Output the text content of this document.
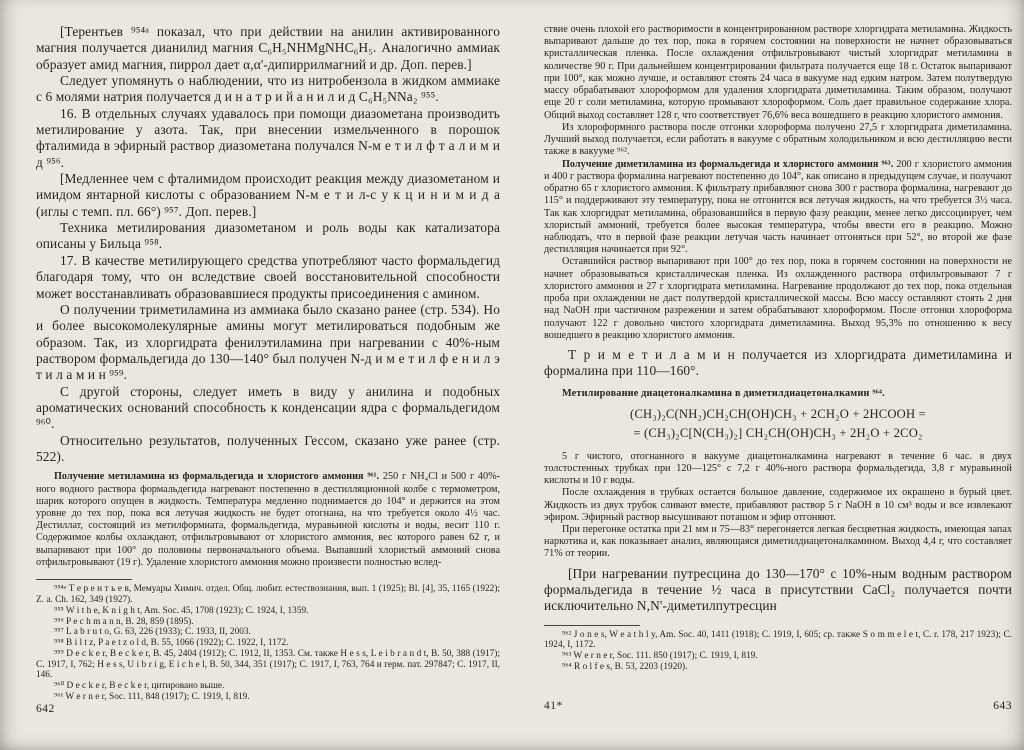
[Терентьев ⁹⁵⁴ᵃ показал, что при действии на анилин активированного магния получается дианилид магния C₆H₅NHMgNHC₆H₅. Аналогично аммиак образует амид магния, пиррол дает α,α'-дипиррилмагний и др. Доп. перев.]

Следует упомянуть о наблюдении, что из нитробензола в жидком аммиаке с 6 молями натрия получается д и н а т р и й а н и л и д C₆H₅NNa₂ ⁹⁵⁵.

16. В отдельных случаях удавалось при помощи диазометана производить метилирование у азота. Так, при внесении измельченного в порошок фталимида в эфирный раствор диазометана получался N-м е т и л ф т а л и м и д ⁹⁵⁶.

[Медленнее чем с фталимидом происходит реакция между диазометаном и имидом янтарной кислоты с образованием N-м е т и л-с у к ц и н и м и д а (иглы с темп. пл. 66°) ⁹⁵⁷. Доп. перев.]

Техника метилирования диазометаном и роль воды как катализатора описаны у Бильца ⁹⁵⁸.

17. В качестве метилирующего средства употребляют часто формальдегид благодаря тому, что он вследствие своей восстановительной способности может восстанавливать образовавшиеся продукты присоединения с амином.

О получении триметиламина из аммиака было сказано ранее (стр. 534). Но и более высокомолекулярные амины могут метилироваться подобным же образом. Так, из хлоргидрата фенилэтиламина при нагревании с 40%-ным раствором формальдегида до 130—140° был получен N-д и м е т и л ф е н и л э т и л а м и н ⁹⁵⁹.

С другой стороны, следует иметь в виду у анилина и подобных ароматических оснований способность к конденсации ядра с формальдегидом ⁹⁶⁰.

Относительно результатов, полученных Гессом, сказано уже ранее (стр. 522).

Получение метиламина из формальдегида и хлористого аммония ⁹⁶¹. 250 г NH₄Cl и 500 г 40%-ного водного раствора формальдегида нагревают постепенно в дестилляционной колбе с термометром, шарик которого опущен в жидкость. Температура медленно поднимается до 104° и держится на этом уровне до тех пор, пока вся летучая жидкость не будет отогнана, на что требуется около 4½ час. Дестиллат, состоящий из метилформиата, формальдегида, муравьиной кислоты и воды, весит 110 г. Содержимое колбы охлаждают, отфильтровывают от хлористого аммония, вес которого равен 62 г, и выпаривают при 100° до половины первоначального объема. Выпавший хлористый аммоний снова отфильтровывают (19 г). Удаление хлористого аммония можно произвести полностью вслед-

⁹⁵⁴ᵃ Т е р е н т ь е в, Мемуары Химич. отдел. Общ. любит. естествознания, вып. 1 (1925); Bl. [4], 35, 1165 (1922); Z. a. Ch. 162, 349 (1927).

⁹⁵⁵ W i t h e, K n i g h t, Am. Soc. 45, 1708 (1923); C. 1924, I, 1359.

⁹⁵⁶ P e c h m a n n, B. 28, 859 (1895).

⁹⁵⁷ L a b r u t o, G. 63, 226 (1933); C. 1933, II, 2003.

⁹⁵⁸ B i l t z, P a e t z o l d, B. 55, 1066 (1922); C. 1922, I, 1172.

⁹⁵⁹ D e c k e r, B e c k e r, B. 45, 2404 (1912); C. 1912, II, 1353. См. также H e s s, L e i b r a n d t, B. 50, 388 (1917); C. 1917, I, 762; H e s s, U i b r i g, E i c h e l, B. 50, 344, 351 (1917); C. 1917, I, 763, 764 и герм. пат. 297847; C. 1917, II, 146.

⁹⁶⁰ D e c k e r, B e c k e r, цитировано выше.

⁹⁶¹ W e r n e r, Soc. 111, 848 (1917); C. 1919, I, 819.

642

ствие очень плохой его растворимости в концентрированном растворе хлоргидрата метиламина. Жидкость выпаривают дальше до тех пор, пока в горячем состоянии на поверхности не начнет образовываться кристаллическая пленка. После охлаждения отфильтровывают чистый хлоргидрат метиламина в количестве 90 г. При дальнейшем концентрировании фильтрата получается еще 18 г. Остаток выпаривают при 100°, как можно лучше, и оставляют стоять 24 часа в вакууме над едким натром. Затем полутвердую массу обрабатывают хлороформом для удаления хлоргидрата диметиламина. Таким образом, получают еще 20 г соли метиламина, которую промывают хлороформом. Соль дает правильное содержание хлора. Общий выход составляет 128 г, что соответствует 76,6% веса вошедшего в реакцию хлористого аммония.

Из хлороформного раствора после отгонки хлороформа получено 27,5 г хлоргидрата диметиламина. Лучший выход получается, если работать в вакууме с обратным холодильником и всю дестилляцию вести также в вакууме ⁹⁶².

Получение диметиламина из формальдегида и хлористого аммония ⁹⁶³. 200 г хлористого аммония и 400 г раствора формалина нагревают постепенно до 104°, как описано в предыдущем случае, и получают обратно 65 г хлористого аммония. К фильтрату прибавляют снова 300 г раствора формалина, нагревают до 115° и поддерживают эту температуру, пока не отгонится вся летучая жидкость, на что требуется 3½ часа. Так как хлоргидрат метиламина, образовавшийся в первую фазу реакции, менее легко диссоциирует, чем хлористый аммоний, требуется более высокая температура, чтобы ввести его в реакцию. Можно наблюдать, что в первой фазе реакции летучая часть начинает отгоняться при 52°, во второй же фазе дестилляция начинается при 92°.

Оставшийся раствор выпаривают при 100° до тех пор, пока в горячем состоянии на поверхности не начнет образовываться кристаллическая пленка. Из охлажденного раствора отфильтровывают 7 г хлористого аммония и 27 г хлоргидрата метиламина. Нагревание продолжают до тех пор, пока отдельная проба при охлаждении не даст полутвердой кристаллической массы. Всю массу оставляют стоять 2 дня над NaOH при частичном разрежении и затем обрабатывают хлороформом. После отгонки хлороформа получают 122 г довольно чистого хлоргидрата диметиламина. Выход 95,3% по отношению к весу вошедшего в реакцию хлористого аммония.

Т р и м е т и л а м и н получается из хлоргидрата диметиламина и формалина при 110—160°.

Метилирование диацетоналкамина в диметилдиацетоналкамин ⁹⁶⁴.

(CH₃)₂C(NH₂)CH₂CH(OH)CH₃ + 2CH₂O + 2HCOOH =
= (CH₃)₂C[N(CH₃)₂] CH₂CH(OH)CH₃ + 2H₂O + 2CO₂

5 г чистого, отогнанного в вакууме диацетоналкамина нагревают в течение 6 час. в двух толстостенных трубках при 120—125° с 7,2 г 40%-ного раствора формальдегида, 3,8 г муравьиной кислоты и 10 г воды.

После охлаждения в трубках остается большое давление, содержимое их окрашено в бурый цвет. Жидкость из двух трубок сливают вместе, прибавляют раствор 5 г NaOH в 10 см³ воды и все извлекают эфиром. Эфирный раствор высушивают поташом и эфир отгоняют.

При перегонке остатка при 21 мм и 75—83° перегоняется легкая бесцветная жидкость, имеющая запах наркотика и, как показывает анализ, являющаяся диметилдиацетоналкамином. Выход 4,4 г, что составляет 71% от теории.

[При нагревании путресцина до 130—170° с 10%-ным водным раствором формальдегида в течение ½ часа в присутствии CaCl₂ получается почти исключительно N,N'-диметилпутресцин

⁹⁶² J o n e s, W e a t h l y, Am. Soc. 40, 1411 (1918); C. 1919, I, 605; ср. также S o m m e l e t, C. r. 178, 217 1923); C. 1924, I, 1172.

⁹⁶³ W e r n e r, Soc. 111. 850 (1917); C. 1919, I, 819.

⁹⁶⁴ R o l f e s, B. 53, 2203 (1920).

41*	643
